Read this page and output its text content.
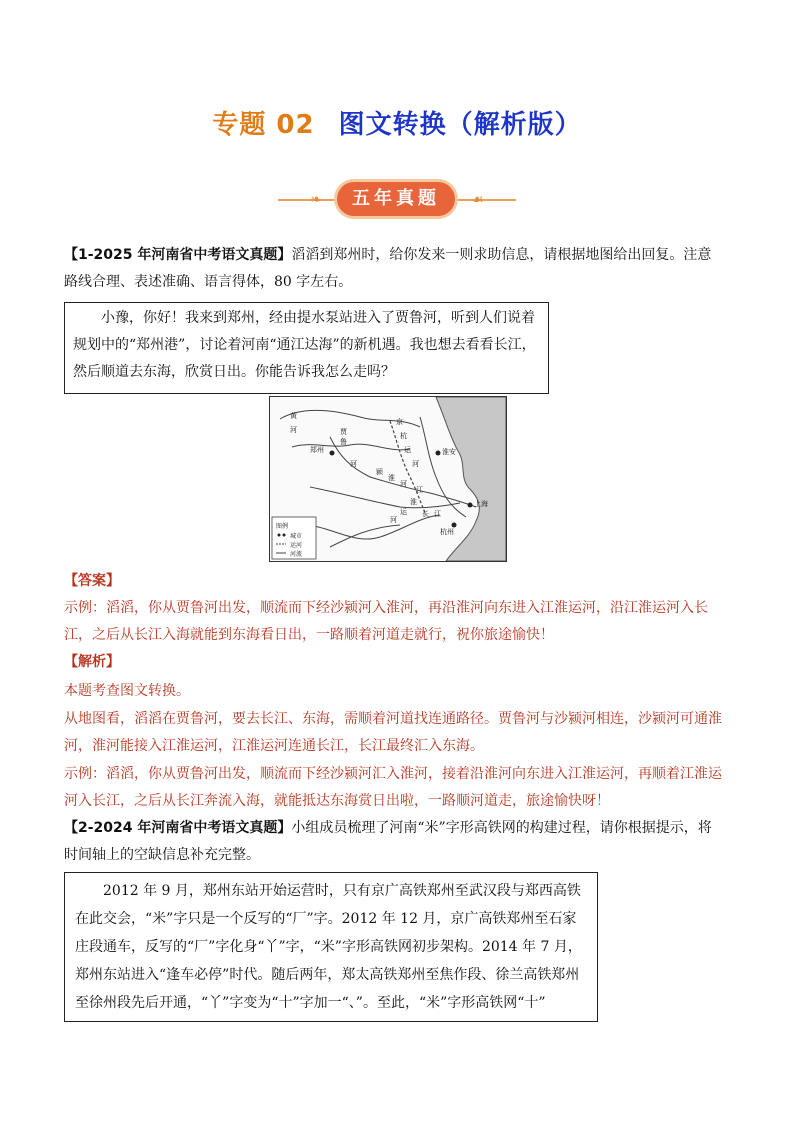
专题 02 图文转换（解析版）
❧	☙
五年真题
【1-2025 年河南省中考语文真题】滔滔到郑州时，给你发来一则求助信息，请根据地图给出回复。注意路线合理、表述准确、语言得体，80 字左右。
小豫，你好！我来到郑州，经由提水泵站进入了贾鲁河，听到人们说着规划中的“郑州港”，讨论着河南“通江达海”的新机遇。我也想去看看长江，然后顺道去东海，欣赏日出。你能告诉我怎么走吗？
郑州	淮安
上海
杭州
黄
河	贾
鲁
河
颍
淮
河
江
淮
运
河
长 江
京
杭
运
河
图例
城市
运河
河流
【答案】
示例：滔滔，你从贾鲁河出发，顺流而下经沙颍河入淮河，再沿淮河向东进入江淮运河，沿江淮运河入长江，之后从长江入海就能到东海看日出，一路顺着河道走就行，祝你旅途愉快！
【解析】
本题考查图文转换。
从地图看，滔滔在贾鲁河，要去长江、东海，需顺着河道找连通路径。贾鲁河与沙颍河相连，沙颍河可通淮河，淮河能接入江淮运河，江淮运河连通长江，长江最终汇入东海。
示例：滔滔，你从贾鲁河出发，顺流而下经沙颍河汇入淮河，接着沿淮河向东进入江淮运河，再顺着江淮运河入长江，之后从长江奔流入海，就能抵达东海赏日出啦，一路顺河道走，旅途愉快呀！
【2-2024 年河南省中考语文真题】小组成员梳理了河南“米”字形高铁网的构建过程，请你根据提示，将时间轴上的空缺信息补充完整。
2012 年 9 月，郑州东站开始运营时，只有京广高铁郑州至武汉段与郑西高铁在此交会，“米”字只是一个反写的“厂”字。2012 年 12 月，京广高铁郑州至石家庄段通车，反写的“厂”字化身“丫”字，“米”字形高铁网初步架构。2014 年 7 月，郑州东站进入“逢车必停”时代。随后两年，郑太高铁郑州至焦作段、徐兰高铁郑州至徐州段先后开通，“丫”字变为“十”字加一“、”。至此，“米”字形高铁网“十”
